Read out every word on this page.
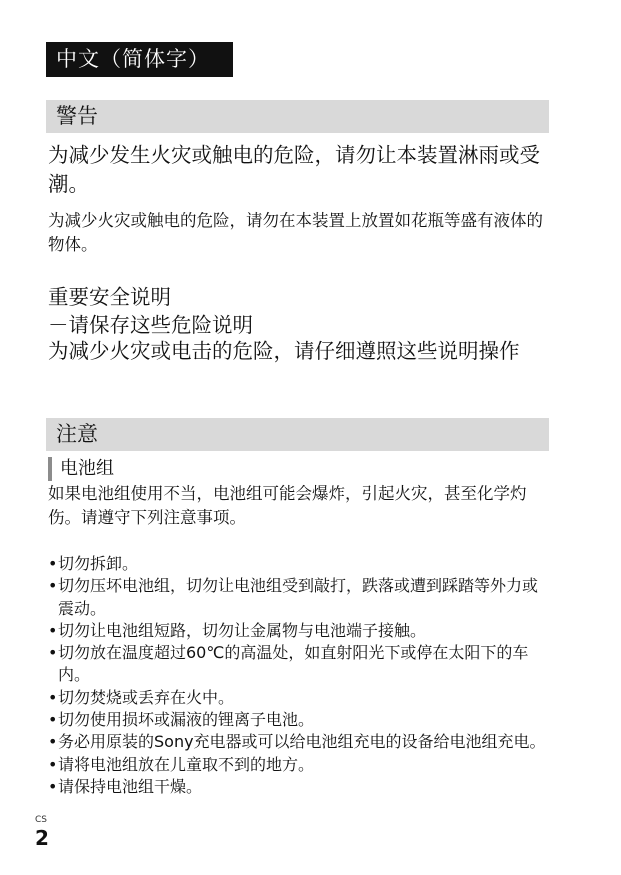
中文（简体字）
警告

为减少发生火灾或触电的危险，请勿让本装置淋雨或受潮。

为减少火灾或触电的危险，请勿在本装置上放置如花瓶等盛有液体的物体。

重要安全说明

－请保存这些危险说明

为减少火灾或电击的危险，请仔细遵照这些说明操作

注意
电池组

如果电池组使用不当，电池组可能会爆炸，引起火灾，甚至化学灼伤。请遵守下列注意事项。

• 切勿拆卸。
• 切勿压坏电池组，切勿让电池组受到敲打，跌落或遭到踩踏等外力或震动。
• 切勿让电池组短路，切勿让金属物与电池端子接触。
• 切勿放在温度超过60℃的高温处，如直射阳光下或停在太阳下的车内。
• 切勿焚烧或丢弃在火中。
• 切勿使用损坏或漏液的锂离子电池。
• 务必用原装的Sony充电器或可以给电池组充电的设备给电池组充电。
• 请将电池组放在儿童取不到的地方。
• 请保持电池组干燥。
CS
2
